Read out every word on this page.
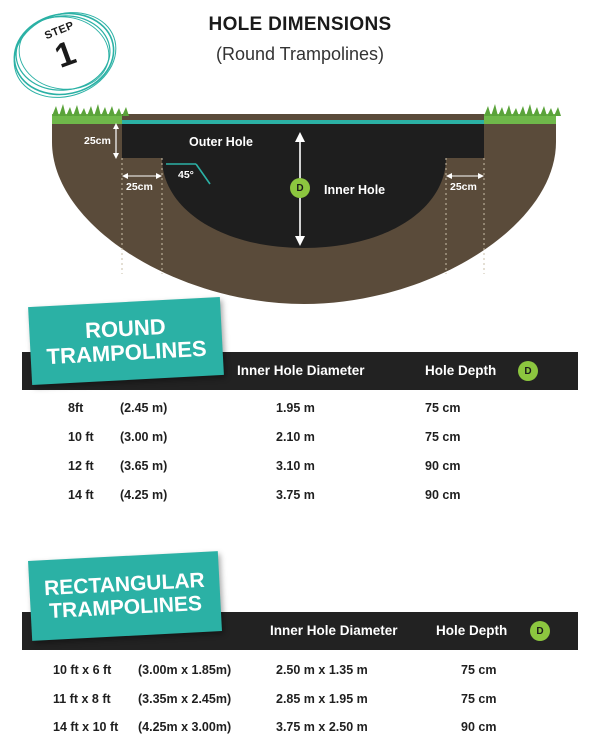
STEP
1
HOLE DIMENSIONS
(Round Trampolines)
Outer Hole
Inner Hole
45°
25cm
25cm	25cm
D
Inner Hole Diameter	Hole Depth	D
ROUND
TRAMPOLINES
8ft	(2.45 m)	1.95 m	75 cm
10 ft (3.00 m)	2.10 m	75 cm
12 ft (3.65 m)	3.10 m	90 cm
14 ft (4.25 m)	3.75 m	90 cm
Inner Hole Diameter	Hole Depth	D
RECTANGULAR
TRAMPOLINES
10 ft x 6 ft (3.00m x 1.85m)	2.50 m x 1.35 m	75 cm
11 ft x 8 ft (3.35m x 2.45m)	2.85 m x 1.95 m	75 cm
14 ft x 10 ft (4.25m x 3.00m)	3.75 m x 2.50 m	90 cm
